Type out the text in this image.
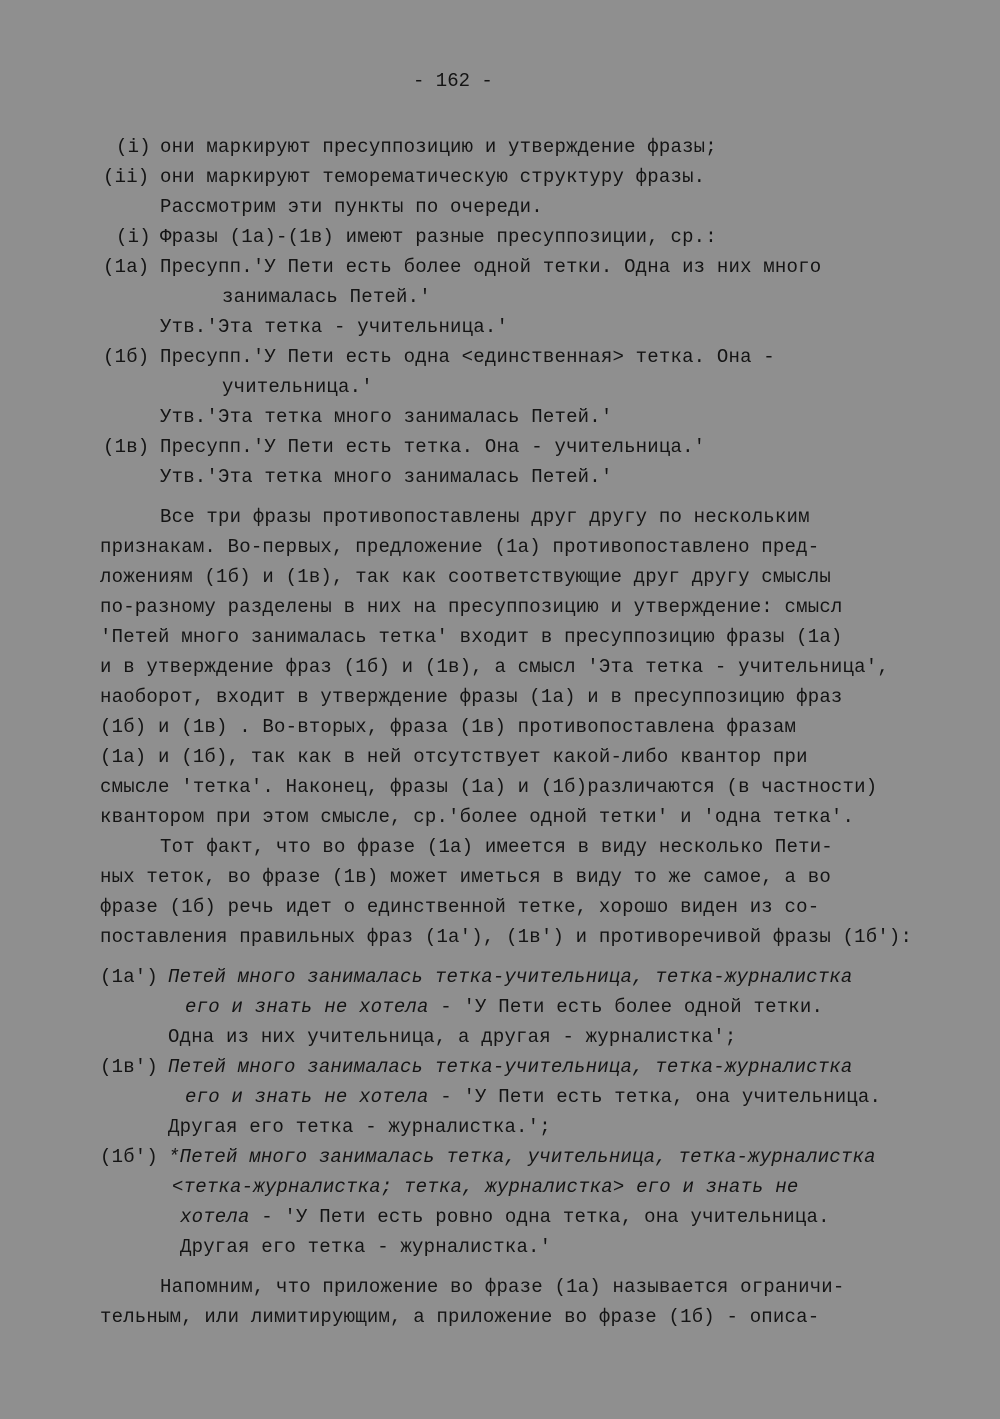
- 162 -
(i) они маркируют пресуппозицию и утверждение фразы;
(ii) они маркируют теморематическую структуру фразы.
Рассмотрим эти пункты по очереди.
(i) Фразы (1а)-(1в) имеют разные пресуппозиции, ср.:
(1а) Пресупп.'У Пети есть более одной тетки. Одна из них много
занималась Петей.'
Утв.'Эта тетка - учительница.'
(1б) Пресупп.'У Пети есть одна <единственная> тетка. Она -
учительница.'
Утв.'Эта тетка много занималась Петей.'
(1в) Пресупп.'У Пети есть тетка. Она - учительница.'
Утв.'Эта тетка много занималась Петей.'
Все три фразы противопоставлены друг другу по нескольким
признакам. Во-первых, предложение (1а) противопоставлено пред-
ложениям (1б) и (1в), так как соответствующие друг другу смыслы
по-разному разделены в них на пресуппозицию и утверждение: смысл
'Петей много занималась тетка' входит в пресуппозицию фразы (1а)
и в утверждение фраз (1б) и (1в), а смысл 'Эта тетка - учительница',
наоборот, входит в утверждение фразы (1а) и в пресуппозицию фраз
(1б) и (1в) . Во-вторых, фраза (1в) противопоставлена фразам
(1а) и (1б), так как в ней отсутствует какой-либо квантор при
смысле 'тетка'. Наконец, фразы (1а) и (1б)различаются (в частности)
квантором при этом смысле, ср.'более одной тетки' и 'одна тетка'.
Тот факт, что во фразе (1а) имеется в виду несколько Пети-
ных теток, во фразе (1в) может иметься в виду то же самое, а во
фразе (1б) речь идет о единственной тетке, хорошо виден из со-
поставления правильных фраз (1а'), (1в') и противоречивой фразы (1б'):
(1а') Петей много занималась тетка-учительница, тетка-журналистка
его и знать не хотела - 'У Пети есть более одной тетки.
Одна из них учительница, а другая - журналистка';
(1в') Петей много занималась тетка-учительница, тетка-журналистка
его и знать не хотела - 'У Пети есть тетка, она учительница.
Другая его тетка - журналистка.';
(1б') *Петей много занималась тетка, учительница, тетка-журналистка
<тетка-журналистка; тетка, журналистка> его и знать не
хотела - 'У Пети есть ровно одна тетка, она учительница.
Другая его тетка - журналистка.'
Напомним, что приложение во фразе (1а) называется ограничи-
тельным, или лимитирующим, а приложение во фразе (1б) - описа-
